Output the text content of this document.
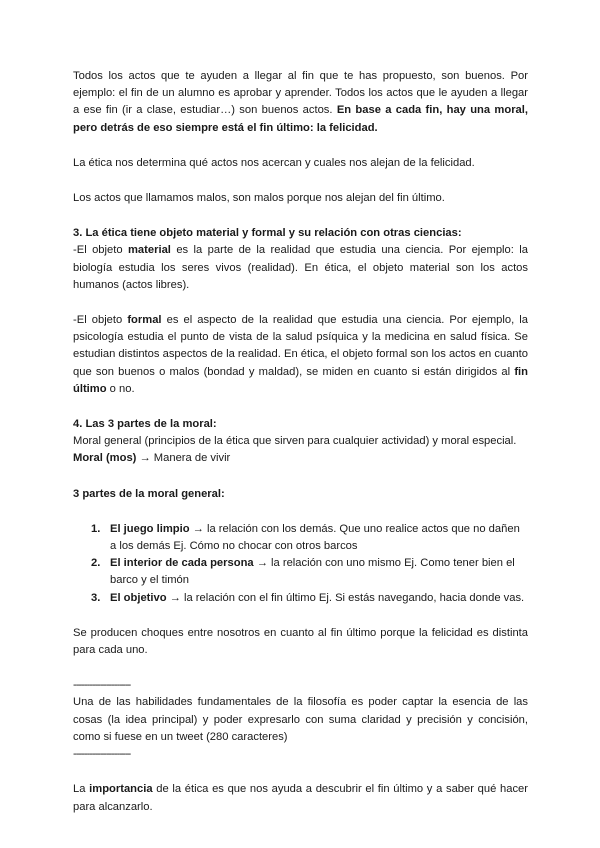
Todos los actos que te ayuden a llegar al fin que te has propuesto, son buenos. Por ejemplo: el fin de un alumno es aprobar y aprender. Todos los actos que le ayuden a llegar a ese fin (ir a clase, estudiar…) son buenos actos. En base a cada fin, hay una moral, pero detrás de eso siempre está el fin último: la felicidad.

La ética nos determina qué actos nos acercan y cuales nos alejan de la felicidad.

Los actos que llamamos malos, son malos porque nos alejan del fin último.

3. La ética tiene objeto material y formal y su relación con otras ciencias:

-El objeto material es la parte de la realidad que estudia una ciencia. Por ejemplo: la biología estudia los seres vivos (realidad). En ética, el objeto material son los actos humanos (actos libres).

-El objeto formal es el aspecto de la realidad que estudia una ciencia. Por ejemplo, la psicología estudia el punto de vista de la salud psíquica y la medicina en salud física. Se estudian distintos aspectos de la realidad. En ética, el objeto formal son los actos en cuanto que son buenos o malos (bondad y maldad), se miden en cuanto si están dirigidos al fin último o no.

4. Las 3 partes de la moral:

Moral general (principios de la ética que sirven para cualquier actividad) y moral especial.

Moral (mos) → Manera de vivir

3 partes de la moral general:

1. El juego limpio → la relación con los demás. Que uno realice actos que no dañen a los demás Ej. Cómo no chocar con otros barcos
2. El interior de cada persona → la relación con uno mismo Ej. Como tener bien el barco y el timón
3. El objetivo → la relación con el fin último Ej. Si estás navegando, hacia donde vas.

Se producen choques entre nosotros en cuanto al fin último porque la felicidad es distinta para cada uno.

---------------------

Una de las habilidades fundamentales de la filosofía es poder captar la esencia de las cosas (la idea principal) y poder expresarlo con suma claridad y precisión y concisión, como si fuese en un tweet (280 caracteres)

---------------------

La importancia de la ética es que nos ayuda a descubrir el fin último y a saber qué hacer para alcanzarlo.
